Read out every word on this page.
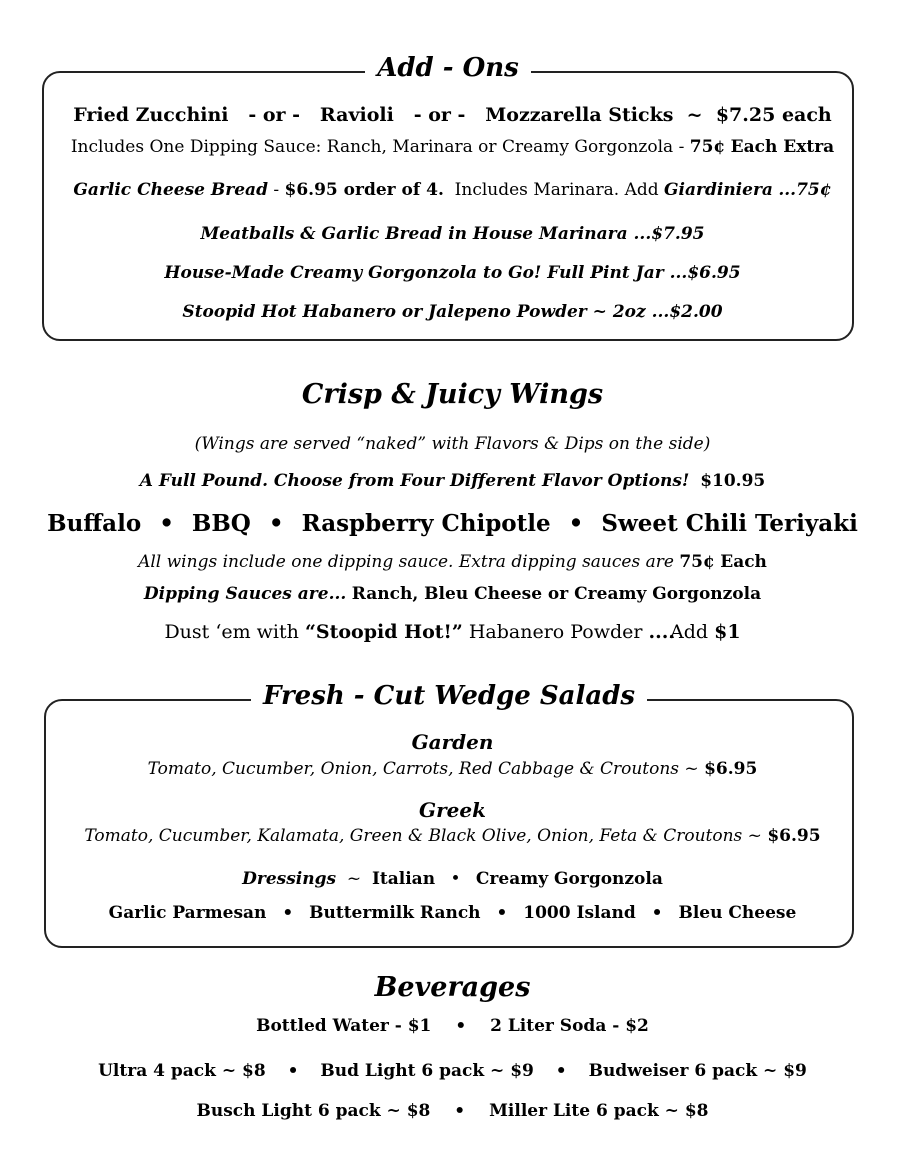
Add - Ons
Fried Zucchini - or - Ravioli - or - Mozzarella Sticks ~ $7.25 each
Includes One Dipping Sauce: Ranch, Marinara or Creamy Gorgonzola - 75¢ Each Extra
Garlic Cheese Bread - $6.95 order of 4. Includes Marinara. Add Giardiniera ...75¢
Meatballs & Garlic Bread in House Marinara ...$7.95
House-Made Creamy Gorgonzola to Go! Full Pint Jar ...$6.95
Stoopid Hot Habanero or Jalepeno Powder ~ 2oz ...$2.00
Crisp & Juicy Wings
(Wings are served “naked” with Flavors & Dips on the side)
A Full Pound. Choose from Four Different Flavor Options! $10.95
Buffalo • BBQ • Raspberry Chipotle • Sweet Chili Teriyaki
All wings include one dipping sauce. Extra dipping sauces are 75¢ Each
Dipping Sauces are... Ranch, Bleu Cheese or Creamy Gorgonzola
Dust ‘em with “Stoopid Hot!” Habanero Powder ....Add $1
Fresh - Cut Wedge Salads
Garden
Tomato, Cucumber, Onion, Carrots, Red Cabbage & Croutons ~ $6.95
Greek
Tomato, Cucumber, Kalamata, Green & Black Olive, Onion, Feta & Croutons ~ $6.95
Dressings ~ Italian • Creamy Gorgonzola
Garlic Parmesan • Buttermilk Ranch • 1000 Island • Bleu Cheese
Beverages
Bottled Water - $1 • 2 Liter Soda - $2
Ultra 4 pack ~ $8 • Bud Light 6 pack ~ $9 • Budweiser 6 pack ~ $9
Busch Light 6 pack ~ $8 • Miller Lite 6 pack ~ $8
